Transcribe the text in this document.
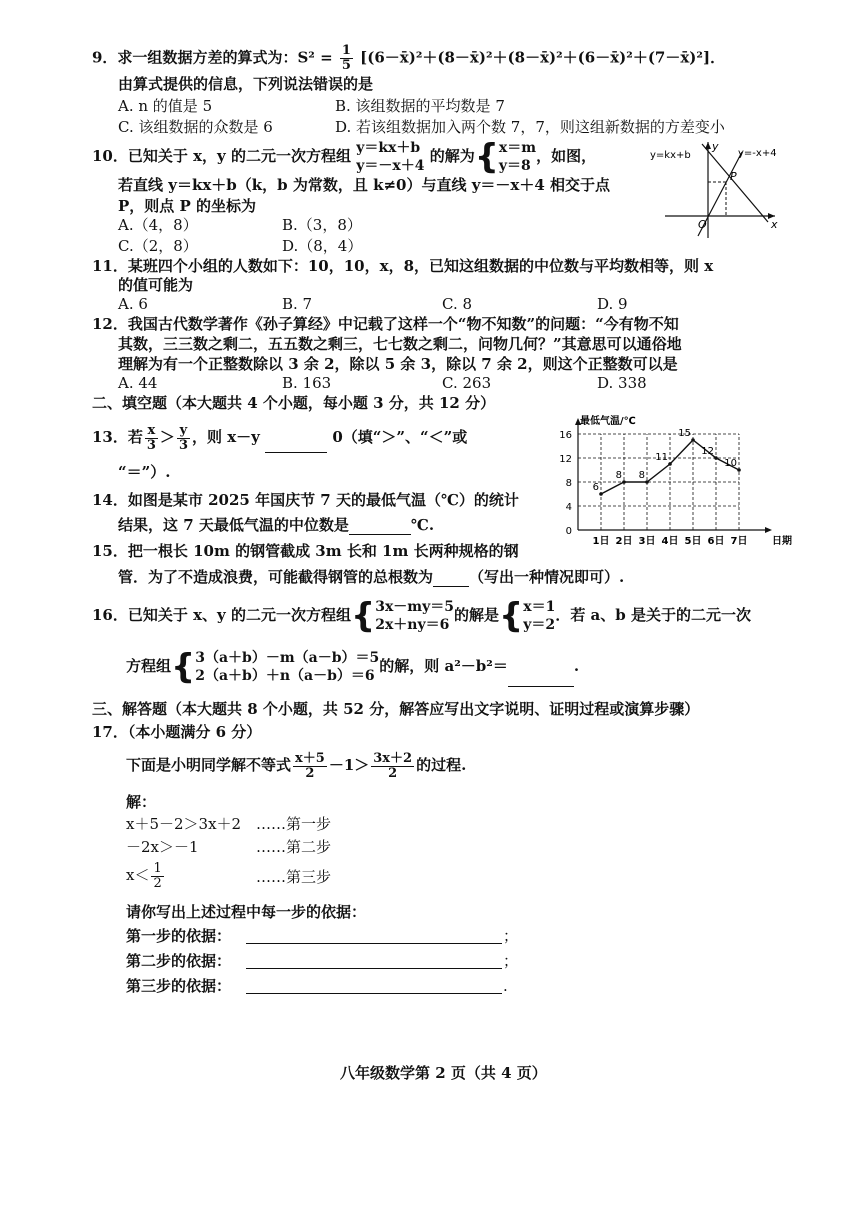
9．求一组数据方差的算式为：$S^2 = \frac{1}{5}$ [(6－x̄)²＋(8－x̄)²＋(8－x̄)²＋(6－x̄)²＋(7－x̄)²]．
由算式提供的信息，下列说法错误的是
A. n 的值是 5	B. 该组数据的平均数是 7
C. 该组数据的众数是 6	D. 若该组数据加入两个数 7，7，则这组新数据的方差变小
10．已知关于 x，y 的二元一次方程组 y＝kx＋b
y＝－x＋4
的解为{ x＝m
y＝8
，如图，
若直线 y＝kx＋b（k，b 为常数，且 k≠0）与直线 y＝－x＋4 相交于点
P，则点 P 的坐标为
A.（4，8）	B.（3，8）
C.（2，8）	D.（8，4）
y=kx+b	y=-x+4
y
x
O
P
11．某班四个小组的人数如下：10，10，x，8，已知这组数据的中位数与平均数相等，则 x
的值可能为
A. 6	B. 7	C. 8	D. 9
12．我国古代数学著作《孙子算经》中记载了这样一个“物不知数”的问题：“今有物不知
其数，三三数之剩二，五五数之剩三，七七数之剩二，问物几何？”其意思可以通俗地
理解为有一个正整数除以 3 余 2，除以 5 余 3，除以 7 余 2，则这个正整数可以是
A. 44	B. 163	C. 263	D. 338
二、填空题（本大题共 4 个小题，每小题 3 分，共 12 分）
13．若 $\frac{x}{3} > \frac{y}{3}$ ，则 x－y	0（填“＞”、“＜”或
“＝”）.
0
4
8
12
16
1日 2日 3日 4日 5日 6日 7日
最低气温/℃
日期
6
8 8
11
15
12
10
14．如图是某市 2025 年国庆节 7 天的最低气温（℃）的统计
结果，这 7 天最低气温的中位数是	℃.
15．把一根长 10m 的钢管截成 3m 长和 1m 长两种规格的钢
管．为了不造成浪费，可能截得钢管的总根数为 （写出一种情况即可）.
16．已知关于 x、y 的二元一次方程组{ 3x－my＝5
2x＋ny＝6
的解是{ x＝1
y＝2
．若 a、b 是关于的二元一次
方程组{ 3（a＋b）－m（a－b）＝5
2（a＋b）＋n（a－b）＝6
的解，则 a²－b²＝	.
三、解答题（本大题共 8 个小题，共 52 分，解答应写出文字说明、证明过程或演算步骤）
17．（本小题满分 6 分）
下面是小明同学解不等式 $\frac{x+5}{2} -1> \frac{3x+2}{2}$ 的过程.
解：
x＋5－2＞3x＋2 ……第一步
－2x＞－1	……第二步
$x< \frac{1}{2}$	……第三步
请你写出上述过程中每一步的依据：
第一步的依据：	；
第二步的依据：	；
第三步的依据：	.
八年级数学第 2 页（共 4 页）
